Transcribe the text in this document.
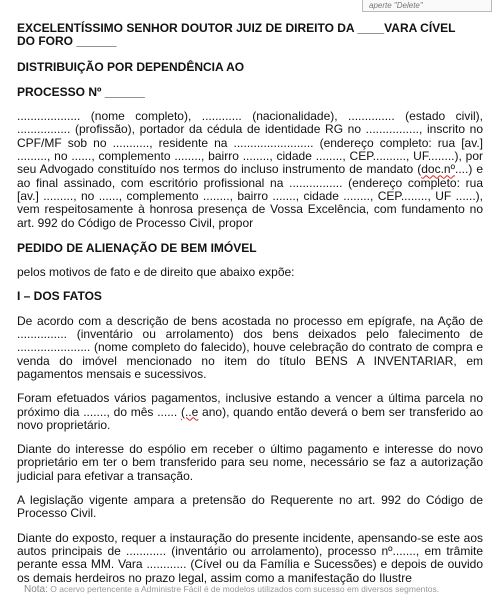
aperte "Delete"

EXCELENTÍSSIMO SENHOR DOUTOR JUIZ DE DIREITO DA ____VARA CÍVEL

DO FORO ______

DISTRIBUIÇÃO POR DEPENDÊNCIA AO

PROCESSO Nº ______

................... (nome completo), ............ (nacionalidade), .............. (estado civil), ................ (profissão), portador da cédula de identidade RG no ................, inscrito no CPF/MF sob no ..........., residente na ........................ (endereço completo: rua [av.] ........., no ......, complemento ........, bairro ........, cidade ........, CEP.........., UF........), por seu Advogado constituído nos termos do incluso instrumento de mandato (doc.nº....) e ao final assinado, com escritório profissional na ................ (endereço completo: rua [av.] ........., no ......, complemento ........, bairro ......., cidade ........, CEP........, UF ......), vem respeitosamente à honrosa presença de Vossa Excelência, com fundamento no art. 992 do Código de Processo Civil, propor

PEDIDO DE ALIENAÇÃO DE BEM IMÓVEL

pelos motivos de fato e de direito que abaixo expõe:

I – DOS FATOS

De acordo com a descrição de bens acostada no processo em epígrafe, na Ação de ............... (inventário ou arrolamento) dos bens deixados pelo falecimento de ...................... (nome completo do falecido), houve celebração do contrato de compra e venda do imóvel mencionado no item do título BENS A INVENTARIAR, em pagamentos mensais e sucessivos.

Foram efetuados vários pagamentos, inclusive estando a vencer a última parcela no próximo dia ......., do mês ...... (..e ano), quando então deverá o bem ser transferido ao novo proprietário.

Diante do interesse do espólio em receber o último pagamento e interesse do novo proprietário em ter o bem transferido para seu nome, necessário se faz a autorização judicial para efetivar a transação.

A legislação vigente ampara a pretensão do Requerente no art. 992 do Código de Processo Civil.

Diante do exposto, requer a instauração do presente incidente, apensando-se este aos autos principais de ............ (inventário ou arrolamento), processo nº......., em trâmite perante essa MM. Vara ............ (Cível ou da Família e Sucessões) e depois de ouvido os demais herdeiros no prazo legal, assim como a manifestação do Ilustre

Nota: O acervo pertencente a Administre Fácil é de modelos utilizados com sucesso em diversos segmentos.
